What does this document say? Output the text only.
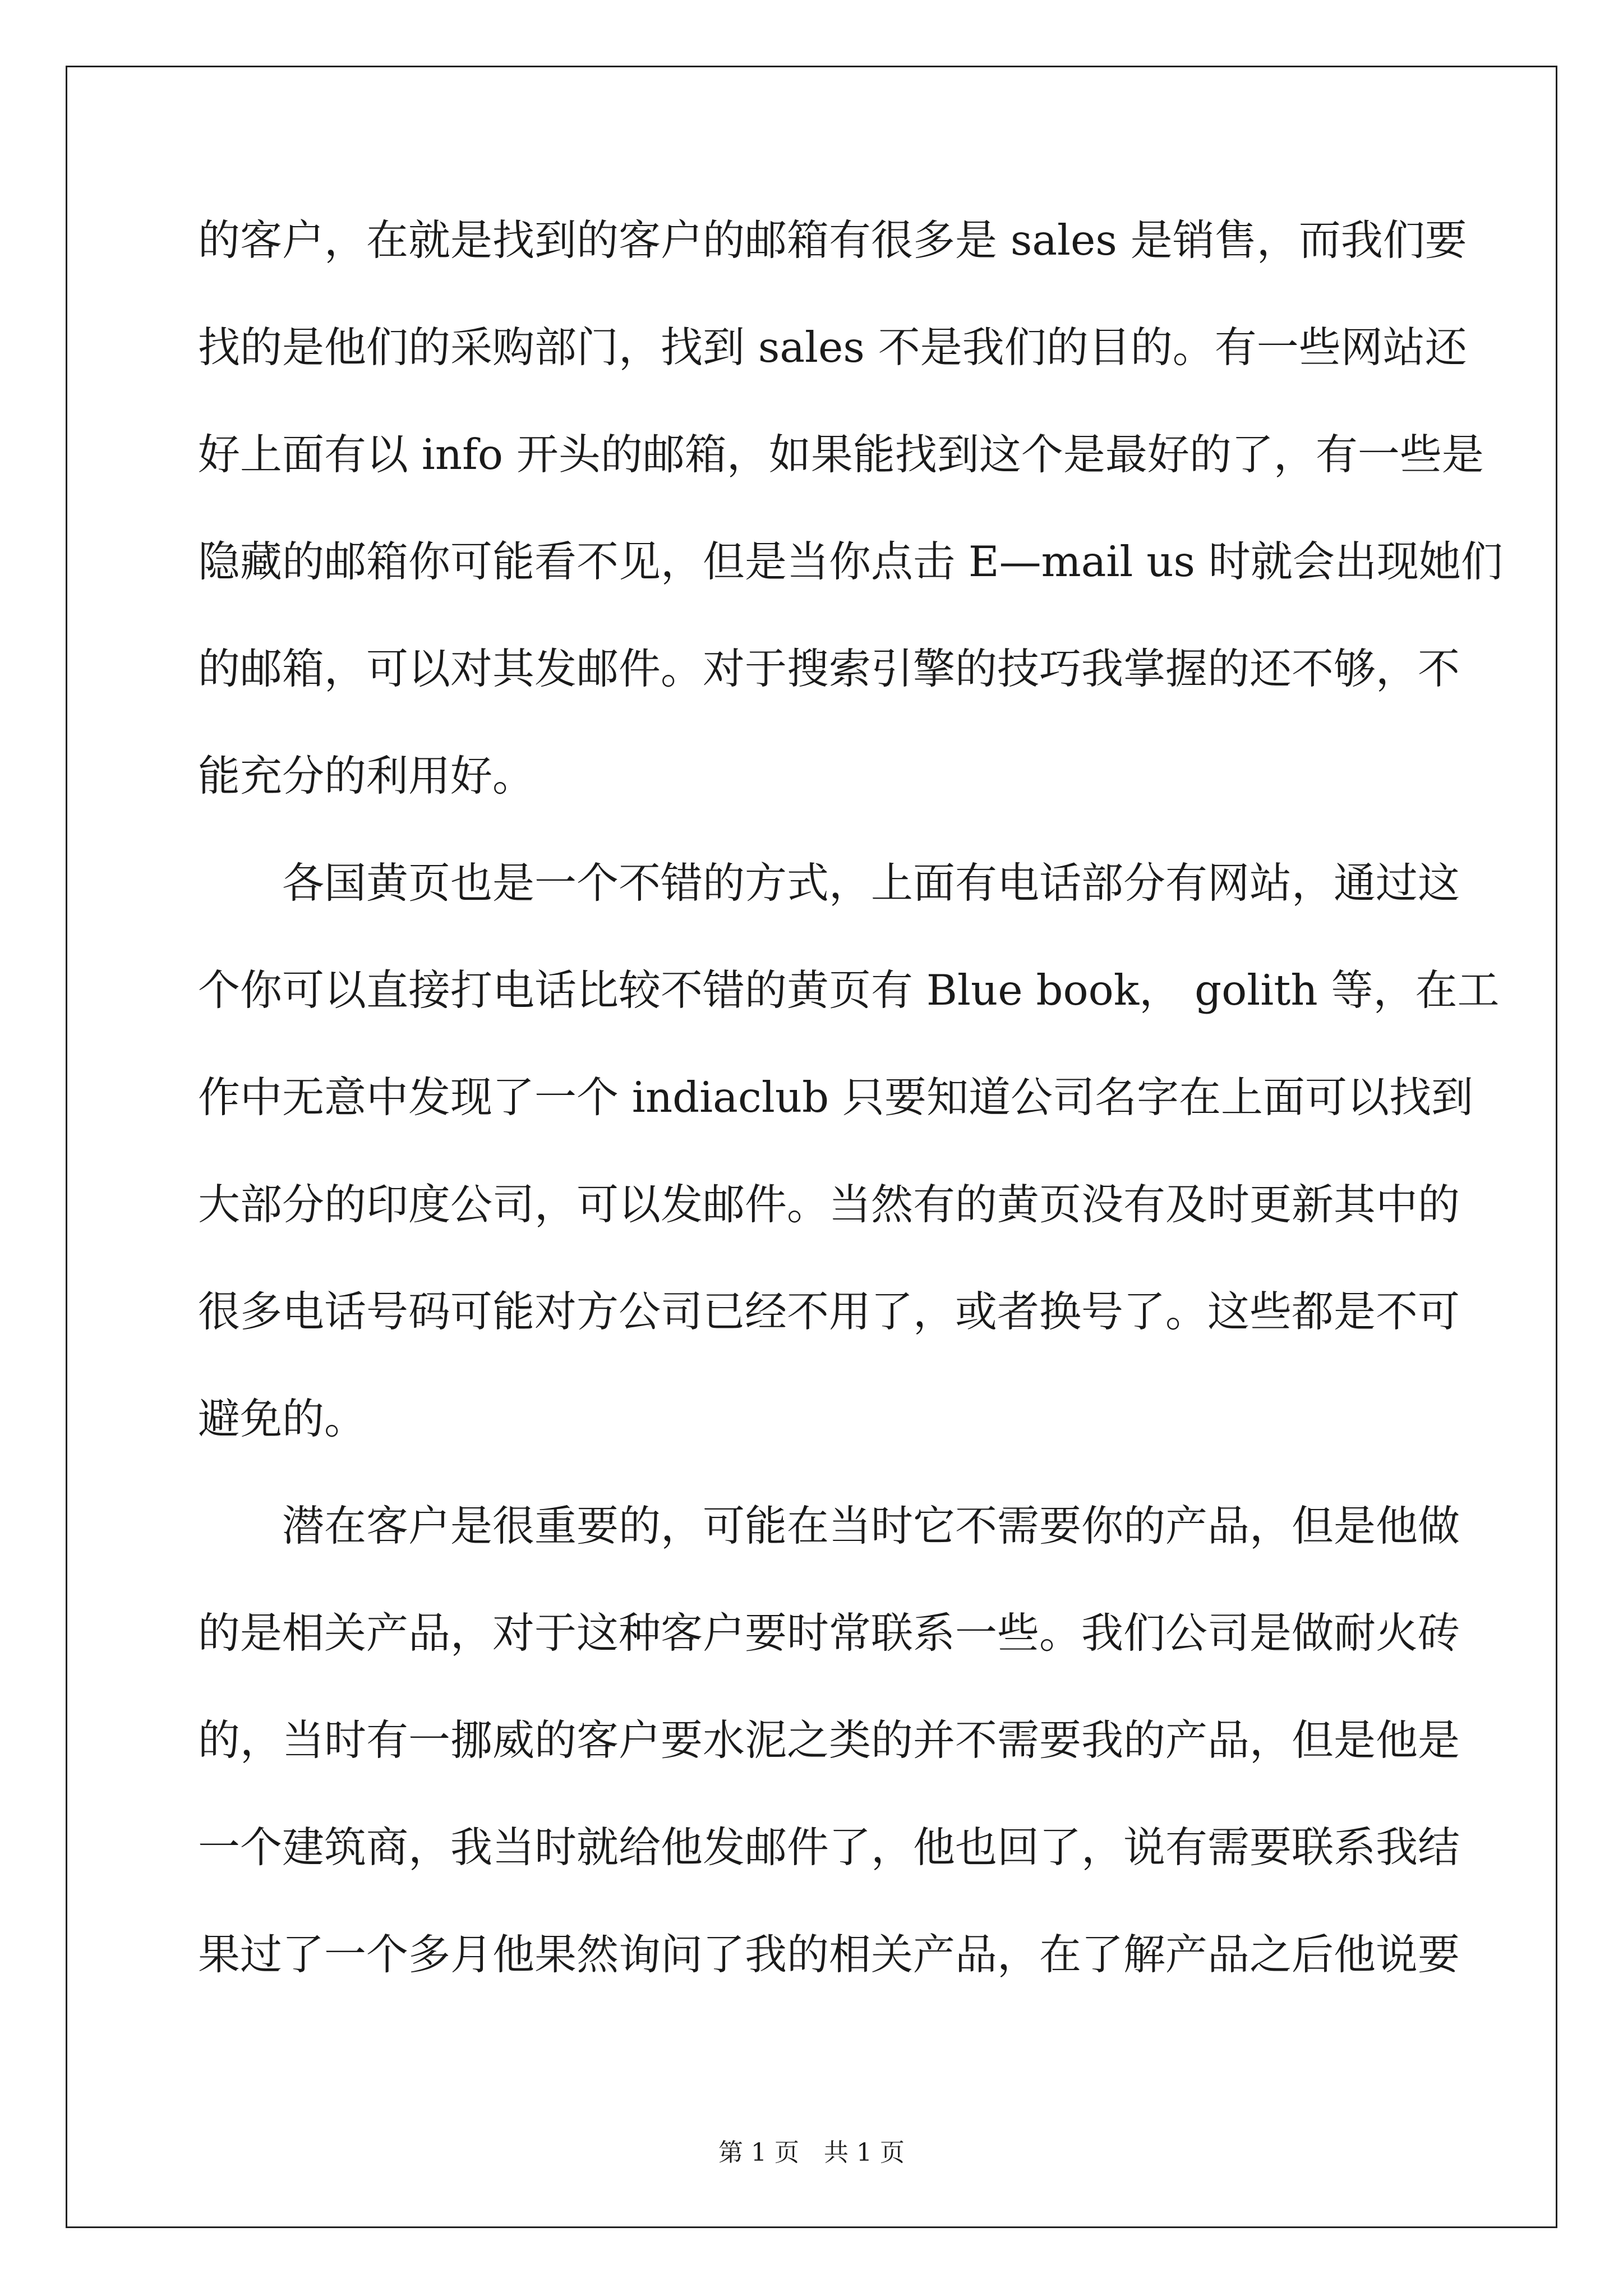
的客户，在就是找到的客户的邮箱有很多是 sales 是销售，而我们要
找的是他们的采购部门，找到 sales 不是我们的目的。有一些网站还
好上面有以 info 开头的邮箱，如果能找到这个是最好的了，有一些是
隐藏的邮箱你可能看不见，但是当你点击 E—mail us 时就会出现她们
的邮箱，可以对其发邮件。对于搜索引擎的技巧我掌握的还不够，不
能充分的利用好。
各国黄页也是一个不错的方式，上面有电话部分有网站，通过这
个你可以直接打电话比较不错的黄页有 Blue book， golith 等，在工
作中无意中发现了一个 indiaclub 只要知道公司名字在上面可以找到
大部分的印度公司，可以发邮件。当然有的黄页没有及时更新其中的
很多电话号码可能对方公司已经不用了，或者换号了。这些都是不可
避免的。
潜在客户是很重要的，可能在当时它不需要你的产品，但是他做
的是相关产品，对于这种客户要时常联系一些。我们公司是做耐火砖
的，当时有一挪威的客户要水泥之类的并不需要我的产品，但是他是
一个建筑商，我当时就给他发邮件了，他也回了，说有需要联系我结
果过了一个多月他果然询问了我的相关产品，在了解产品之后他说要
第 1 页 共 1 页
